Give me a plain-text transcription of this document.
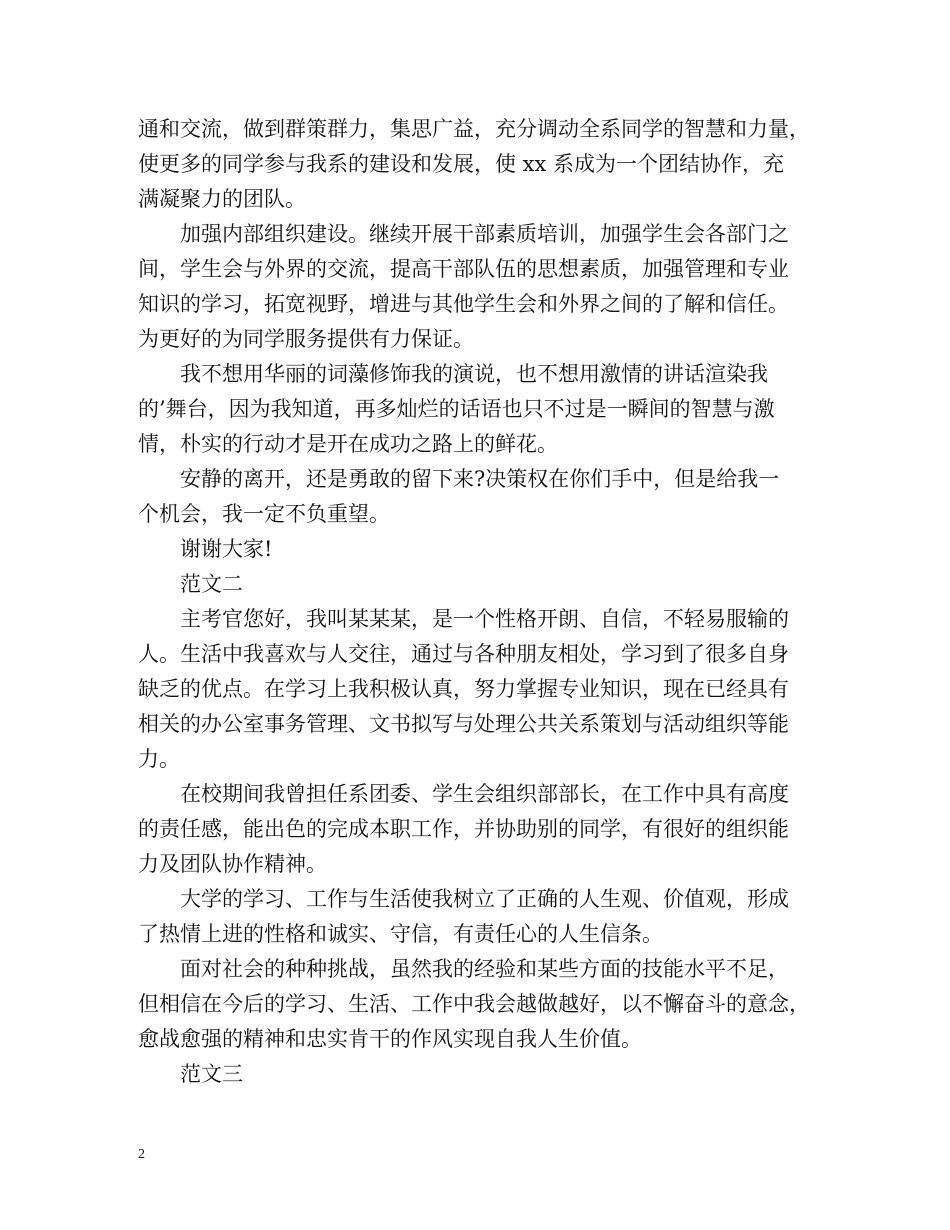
通和交流，做到群策群力，集思广益，充分调动全系同学的智慧和力量，
使更多的同学参与我系的建设和发展，使 xx 系成为一个团结协作，充
满凝聚力的团队。

　　加强内部组织建设。继续开展干部素质培训，加强学生会各部门之
间，学生会与外界的交流，提高干部队伍的思想素质，加强管理和专业
知识的学习，拓宽视野，增进与其他学生会和外界之间的了解和信任。
为更好的为同学服务提供有力保证。

　　我不想用华丽的词藻修饰我的演说，也不想用激情的讲话渲染我
的’舞台，因为我知道，再多灿烂的话语也只不过是一瞬间的智慧与激
情，朴实的行动才是开在成功之路上的鲜花。

　　安静的离开，还是勇敢的留下来?决策权在你们手中，但是给我一
个机会，我一定不负重望。

　　谢谢大家!

　　范文二

　　主考官您好，我叫某某某，是一个性格开朗、自信，不轻易服输的
人。生活中我喜欢与人交往，通过与各种朋友相处，学习到了很多自身
缺乏的优点。在学习上我积极认真，努力掌握专业知识，现在已经具有
相关的办公室事务管理、文书拟写与处理公共关系策划与活动组织等能
力。

　　在校期间我曾担任系团委、学生会组织部部长，在工作中具有高度
的责任感，能出色的完成本职工作，并协助别的同学，有很好的组织能
力及团队协作精神。

　　大学的学习、工作与生活使我树立了正确的人生观、价值观，形成
了热情上进的性格和诚实、守信，有责任心的人生信条。

　　面对社会的种种挑战，虽然我的经验和某些方面的技能水平不足，
但相信在今后的学习、生活、工作中我会越做越好，以不懈奋斗的意念，
愈战愈强的精神和忠实肯干的作风实现自我人生价值。

　　范文三

2
